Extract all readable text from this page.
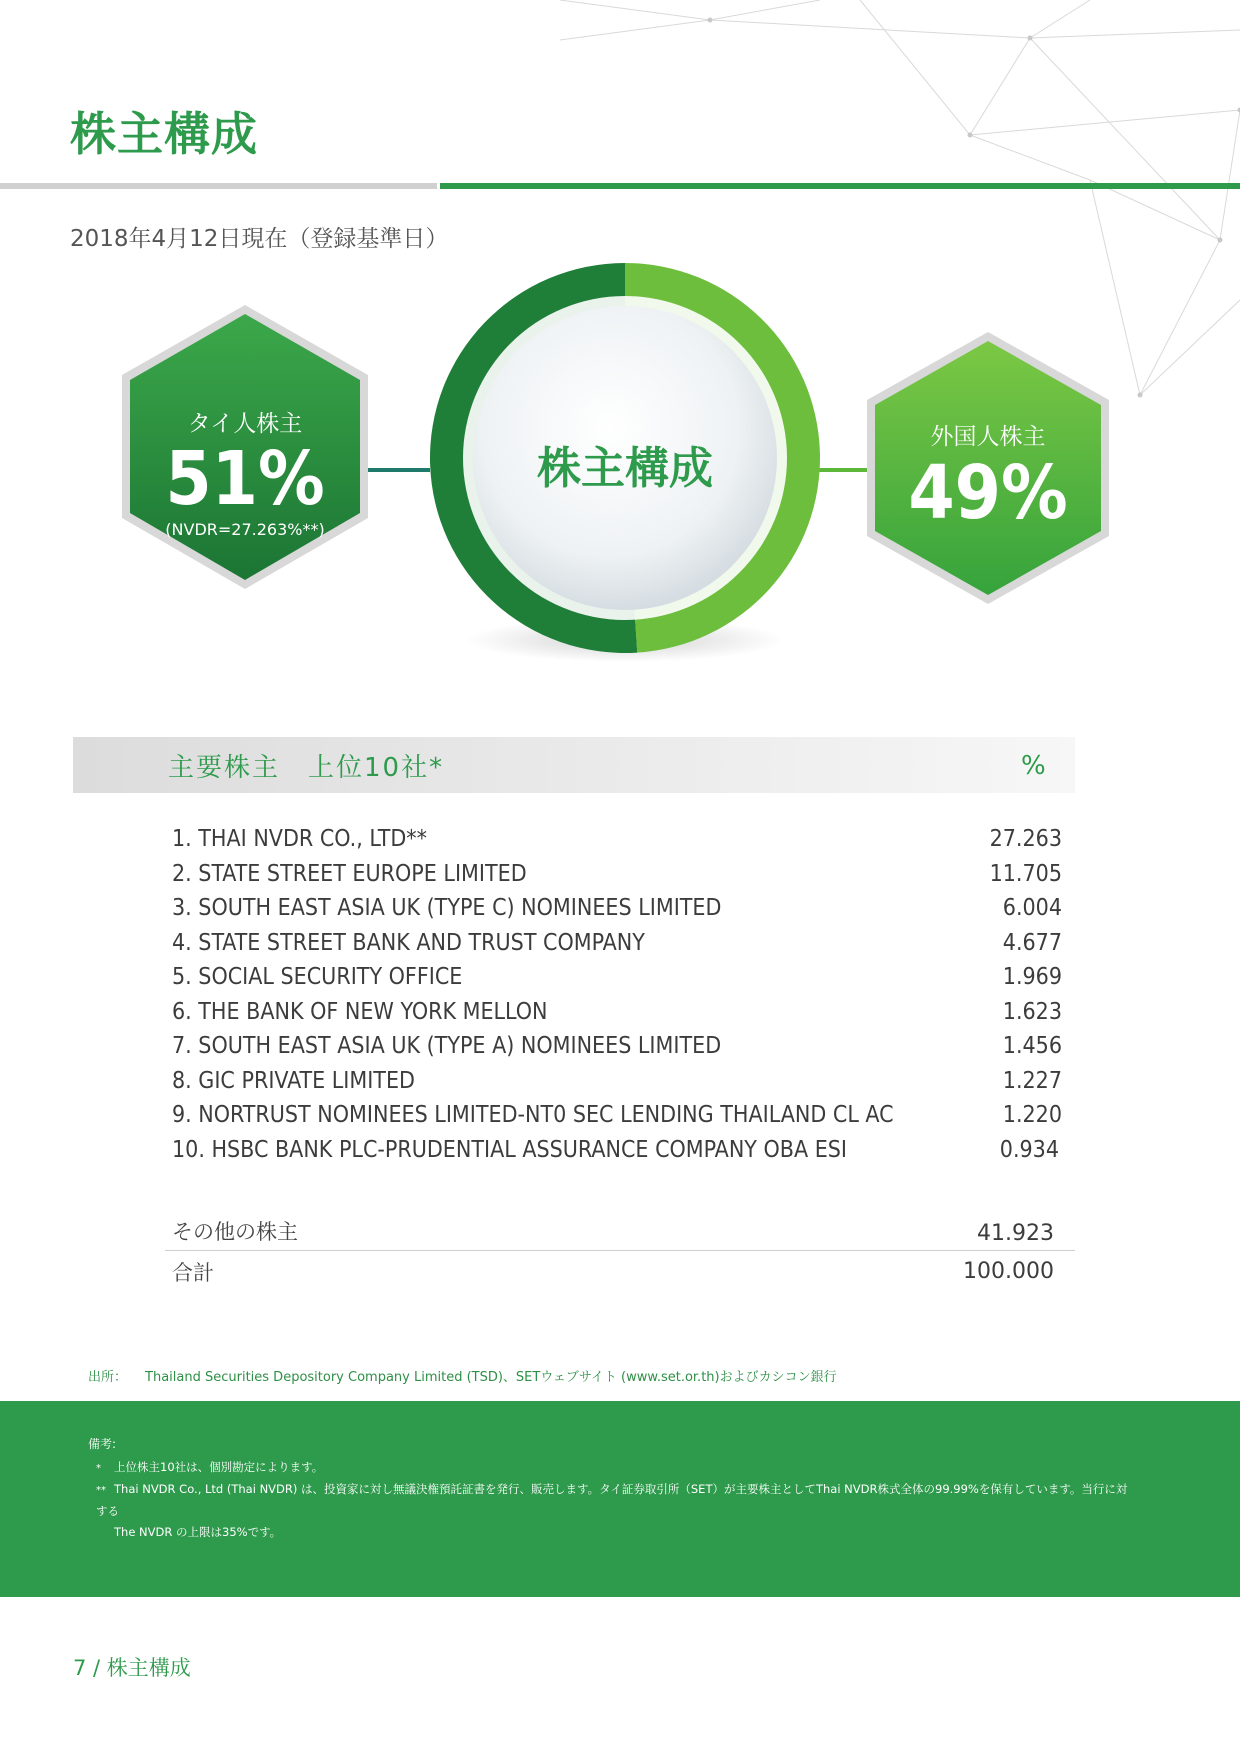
株主構成
2018年4月12日現在（登録基準日）
株主構成
タイ人株主
51%
(NVDR=27.263%**)
外国人株主
49%
主要株主　上位10社*	%
1. THAI NVDR CO., LTD**	27.263
2. STATE STREET EUROPE LIMITED	11.705
3. SOUTH EAST ASIA UK (TYPE C) NOMINEES LIMITED	6.004
4. STATE STREET BANK AND TRUST COMPANY	4.677
5. SOCIAL SECURITY OFFICE	1.969
6. THE BANK OF NEW YORK MELLON	1.623
7. SOUTH EAST ASIA UK (TYPE A) NOMINEES LIMITED	1.456
8. GIC PRIVATE LIMITED	1.227
9. NORTRUST NOMINEES LIMITED-NT0 SEC LENDING THAILAND CL AC	1.220
10. HSBC BANK PLC-PRUDENTIAL ASSURANCE COMPANY OBA ESI	0.934
その他の株主	41.923
合計	100.000
出所： Thailand Securities Depository Company Limited (TSD)、SETウェブサイト (www.set.or.th)およびカシコン銀行
備考:
* 上位株主10社は、個別勘定によります。
** Thai NVDR Co., Ltd (Thai NVDR) は、投資家に対し無議決権預託証書を発行、販売します。タイ証券取引所（SET）が主要株主としてThai NVDR株式全体の99.99%を保有しています。当行に対する
The NVDR の上限は35%です。
7 / 株主構成
